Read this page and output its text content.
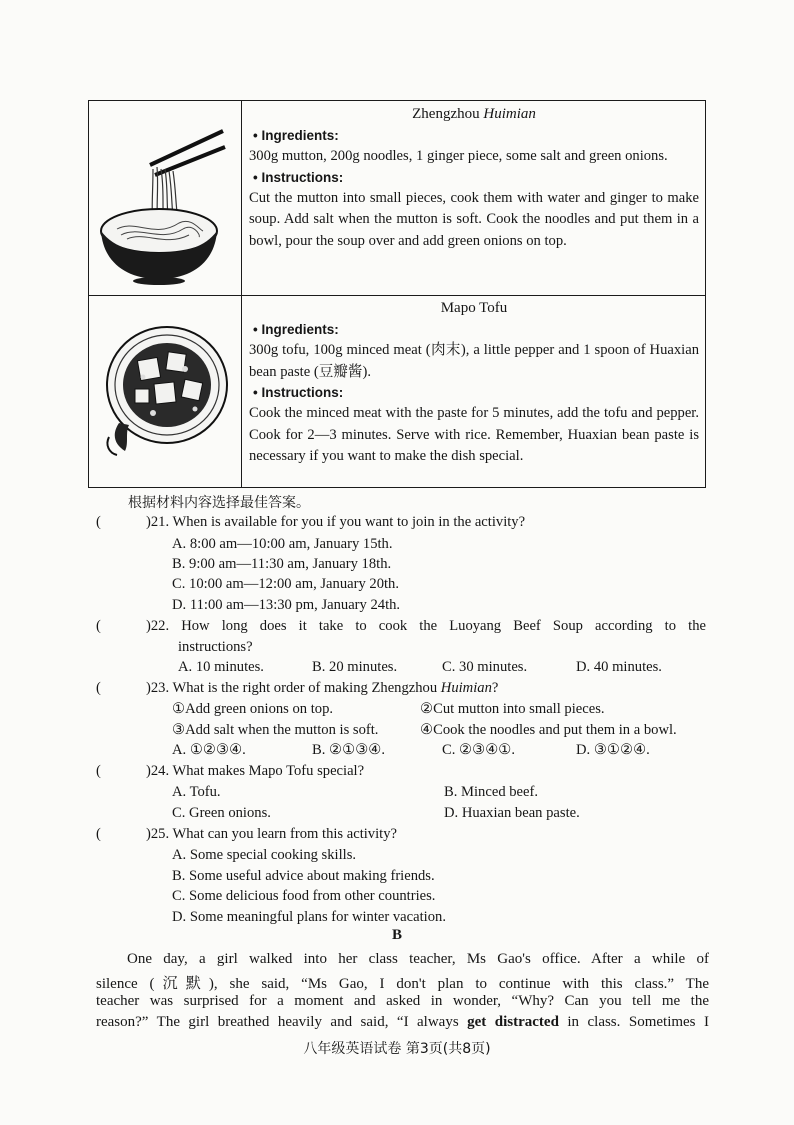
Zhengzhou Huimian
• Ingredients:
300g mutton, 200g noodles, 1 ginger piece, some salt and green onions.
• Instructions:
Cut the mutton into small pieces, cook them with water and ginger to make soup. Add salt when the mutton is soft. Cook the noodles and put them in a bowl, pour the soup over and add green onions on top.
Mapo Tofu
• Ingredients:
300g tofu, 100g minced meat (肉末), a little pepper and 1 spoon of Huaxian bean paste (豆瓣酱).
• Instructions:
Cook the minced meat with the paste for 5 minutes, add the tofu and pepper. Cook for 2—3 minutes. Serve with rice. Remember, Huaxian bean paste is necessary if you want to make the dish special.
根据材料内容选择最佳答案。
(	)21. When is available for you if you want to join in the activity?
A. 8:00 am—10:00 am, January 15th.
B. 9:00 am—11:30 am, January 18th.
C. 10:00 am—12:00 am, January 20th.
D. 11:00 am—13:30 pm, January 24th.
(	)22. How long does it take to cook the Luoyang Beef Soup according to the
instructions?
A. 10 minutes.	B. 20 minutes.	C. 30 minutes.	D. 40 minutes.
(	)23. What is the right order of making Zhengzhou Huimian?
①Add green onions on top.	②Cut mutton into small pieces.
③Add salt when the mutton is soft.	④Cook the noodles and put them in a bowl.
A. ①②③④.	B. ②①③④.	C. ②③④①.	D. ③①②④.
(	)24. What makes Mapo Tofu special?
A. Tofu.	B. Minced beef.
C. Green onions.	D. Huaxian bean paste.
(	)25. What can you learn from this activity?
A. Some special cooking skills.
B. Some useful advice about making friends.
C. Some delicious food from other countries.
D. Some meaningful plans for winter vacation.
B
One day, a girl walked into her class teacher, Ms Gao's office. After a while of
silence (沉默), she said, “Ms Gao, I don't plan to continue with this class.” The
teacher was surprised for a moment and asked in wonder, “Why? Can you tell me the
reason?” The girl breathed heavily and said, “I always get distracted in class. Sometimes I
八年级英语试卷 第3页(共8页)
